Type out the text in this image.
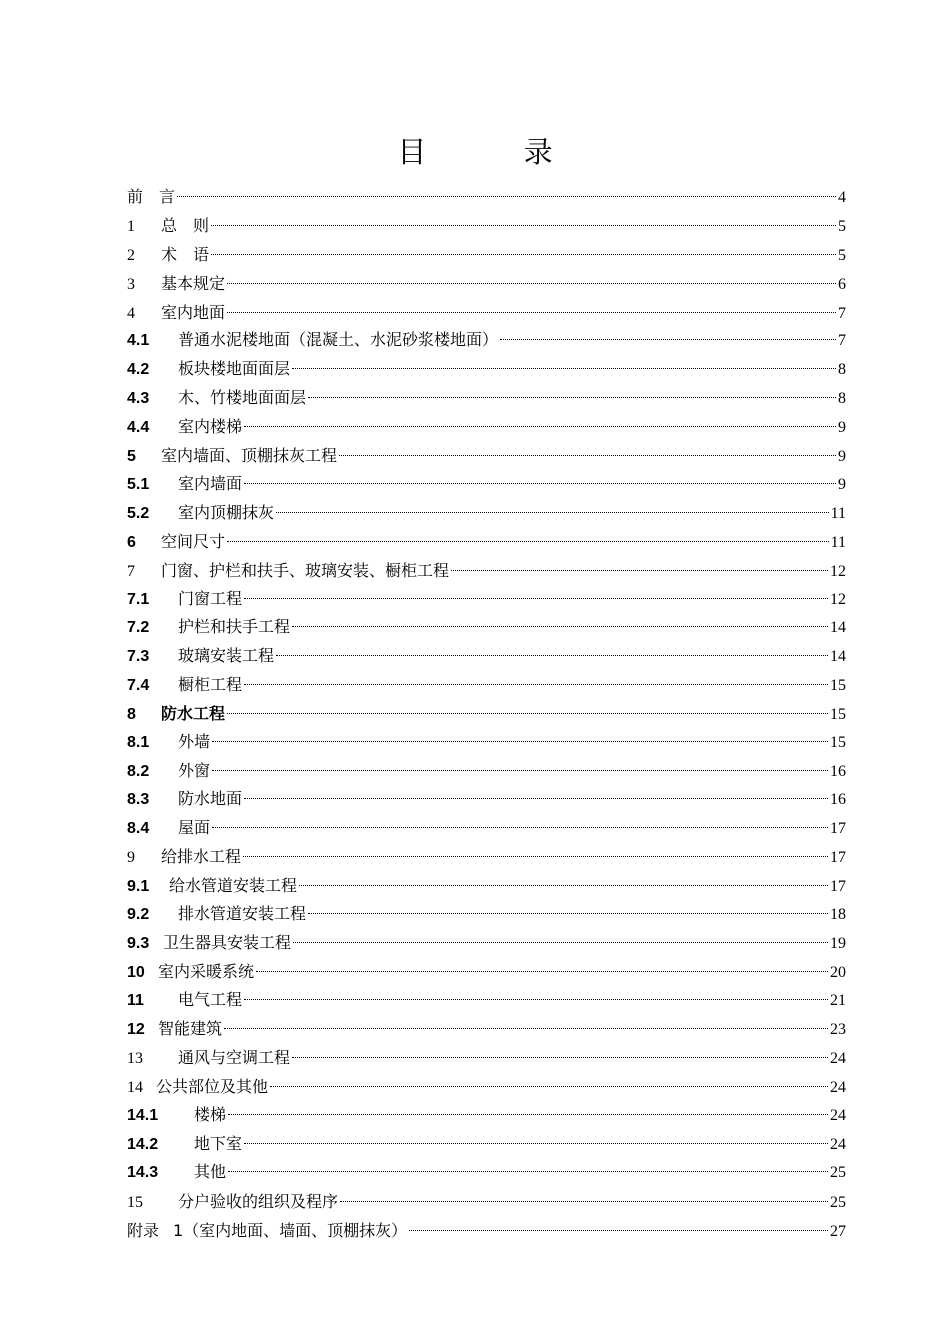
目 录
前　言	4
1	总　则	5
2	术　语	5
3	基本规定	6
4	室内地面	7
4.1	普通水泥楼地面（混凝土、水泥砂浆楼地面）	7
4.2	板块楼地面面层	8
4.3	木、竹楼地面面层	8
4.4	室内楼梯	9
5	室内墙面、顶棚抹灰工程	9
5.1	室内墙面	9
5.2	室内顶棚抹灰	11
6	空间尺寸	11
7	门窗、护栏和扶手、玻璃安装、橱柜工程	12
7.1	门窗工程	12
7.2	护栏和扶手工程	14
7.3	玻璃安装工程	14
7.4	橱柜工程	15
8	防水工程	15
8.1	外墙	15
8.2	外窗	16
8.3	防水地面	16
8.4	屋面	17
9	给排水工程	17
9.1	给水管道安装工程	17
9.2	排水管道安装工程	18
9.3 卫生器具安装工程	19
10 室内采暖系统	20
11	电气工程	21
12 智能建筑	23
13	通风与空调工程	24
14 公共部位及其他	24
14.1	楼梯	24
14.2	地下室	24
14.3	其他	25
15	分户验收的组织及程序	25
附录 1（室内地面、墙面、顶棚抹灰）	27
